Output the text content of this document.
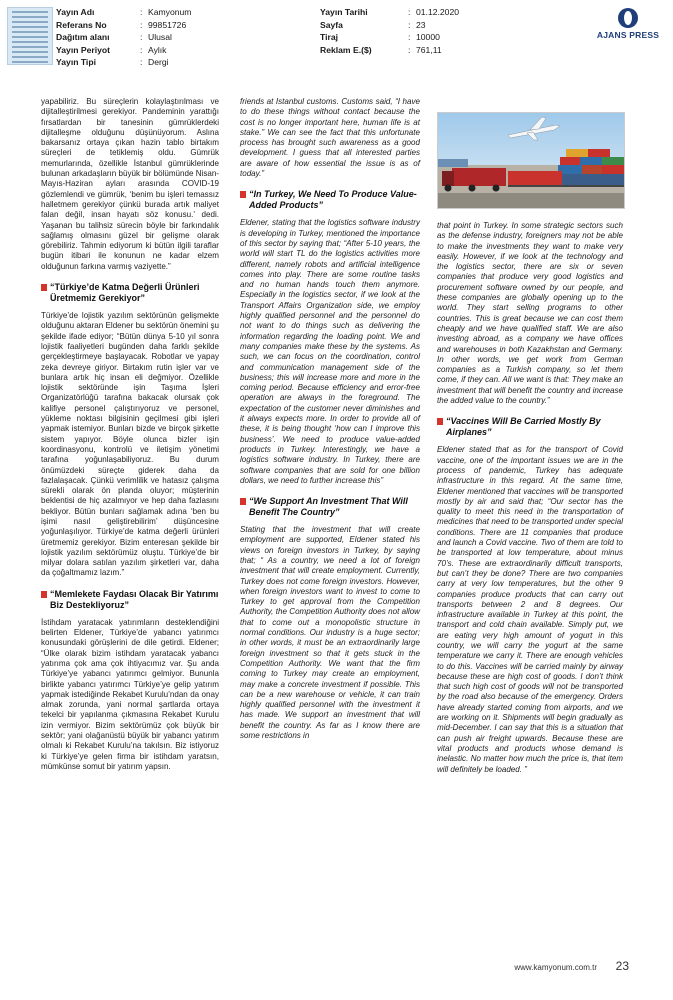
Yayın Adı	: Kamyonum
Referans No	: 99851726
Dağıtım alanı	: Ulusal
Yayın Periyot	: Aylık
Yayın Tipi	: Dergi
Yayın Tarihi	: 01.12.2020
Sayfa	: 23
Tiraj	: 10000
Reklam E.($)	: 761,11
AJANS PRESS

yapabiliriz. Bu süreçlerin kolaylaştırılması ve dijitalleştirilmesi gerekiyor. Pandeminin yarattığı fırsatlardan bir tanesinin gümrüklerdeki dijitalleşme olduğunu düşünüyorum. Aslına bakarsanız ortaya çıkan hazin tablo birtakım süreçleri de tetiklemiş oldu. Gümrük memurlarında, özellikle İstanbul gümrüklerinde bulunan arkadaşların büyük bir bölümünde Nisan-Mayıs-Haziran ayları arasında COVID-19 gözlemlendi ve gümrük, ‘benim bu işleri temassız halletmem gerekiyor çünkü burada artık maliyet falan değil, insan hayatı söz konusu.’ dedi. Yaşanan bu talihsiz sürecin böyle bir farkındalık sağlamış olmasını güzel bir gelişme olarak görebiliriz. Tahmin ediyorum ki bütün ilgili taraflar bugün itibari ile konunun ne kadar elzem olduğunun farkına varmış vaziyette.”

“Türkiye’de Katma Değerli Ürünleri Üretmemiz Gerekiyor”

Türkiye’de lojistik yazılım sektörünün gelişmekte olduğunu aktaran Eldener bu sektörün önemini şu şekilde ifade ediyor; “Bütün dünya 5-10 yıl sonra lojistik faaliyetleri bugünden daha farklı şekilde gerçekleştirmeye başlayacak. Robotlar ve yapay zeka devreye giriyor. Birtakım rutin işler var ve bunlara artık hiç insan eli değmiyor. Özellikle lojistik sektöründe işin Taşıma İşleri Organizatörlüğü tarafına bakacak olursak çok kalifiye personel çalıştırıyoruz ve personel, yükleme noktası bilgisinin geçilmesi gibi işleri yapmak istemiyor. Bunları bizde ve birçok şirkette sistem yapıyor. Böyle olunca bizler işin koordinasyonu, kontrolü ve iletişim yönetimi tarafına yoğunlaşabiliyoruz. Bu durum önümüzdeki süreçte giderek daha da fazlalaşacak. Çünkü verimlilik ve hatasız çalışma sürekli olarak ön planda oluyor; müşterinin beklentisi de hiç azalmıyor ve hep daha fazlasını bekliyor. Bütün bunları sağlamak adına ‘ben bu işimi nasıl geliştirebilirim’ düşüncesine yoğunlaşılıyor. Türkiye’de katma değerli ürünleri üretmemiz gerekiyor. Bizim enteresan şekilde bir lojistik yazılım sektörümüz oluştu. Türkiye’de bir milyar dolara satılan yazılım şirketleri var, daha da çoğaltmamız lazım.”

“Memlekete Faydası Olacak Bir Yatırımı Biz Destekliyoruz”

İstihdam yaratacak yatırımların desteklendiğini belirten Eldener, Türkiye’de yabancı yatırımcı konusundaki görüşlerini de dile getirdi. Eldener; “Ülke olarak bizim istihdam yaratacak yabancı yatırıma çok ama çok ihtiyacımız var. Şu anda Türkiye’ye yabancı yatırımcı gelmiyor. Bununla birlikte yabancı yatırımcı Türkiye’ye gelip yatırım yapmak istediğinde Rekabet Kurulu’ndan da onay almak zorunda, yani normal şartlarda ortaya tekelci bir yapılanma çıkmasına Rekabet Kurulu izin vermiyor. Bizim sektörümüz çok büyük bir sektör; yani olağanüstü büyük bir yabancı yatırım olmalı ki Rekabet Kurulu’na takılsın. Biz istiyoruz ki Türkiye’ye gelen firma bir istihdam yaratsın, mümkünse somut bir yatırım yapsın.

friends at Istanbul customs. Customs said, “I have to do these things without contact because the cost is no longer important here, human life is at stake.” We can see the fact that this unfortunate process has brought such awareness as a good development. I guess that all interested parties are aware of how essential the issue is as of today.”

“In Turkey, We Need To Produce Value-Added Products”

Eldener, stating that the logistics software industry is developing in Turkey, mentioned the importance of this sector by saying that; “After 5-10 years, the world will start TL do the logistics activities more different, namely robots and artificial intelligence comes into play. There are some routine tasks and no human hands touch them anymore. Especially in the logistics sector, if we look at the Transport Affairs Organization side, we employ highly qualified personnel and the personnel do not want to do things such as delivering the information regarding the loading point. We and many companies make these by the systems. As such, we can focus on the coordination, control and communication management side of the business; this will increase more and more in the coming period. Because efficiency and error-free operation are always in the foreground. The expectation of the customer never diminishes and it always expects more. In order to provide all of these, it is being thought ‘how can I improve this business’. We need to produce value-added products in Turkey. Interestingly, we have a logistics software industry. In Turkey, there are software companies that are sold for one billion dollars, we need to further increase this”

“We Support An Investment That Will Benefit The Country”

Stating that the investment that will create employment are supported, Eldener stated his views on foreign investors in Turkey, by saying that; “ As a country, we need a lot of foreign investment that will create employment. Currently, Turkey does not come foreign investors. However, when foreign investors want to invest to come to Turkey to get approval from the Competition Authority, the Competition Authority does not allow that to come out a monopolistic structure in normal conditions. Our industry is a huge sector; in other words, it must be an extraordinarily large foreign investment so that it gets stuck in the Competition Authority. We want that the firm coming to Turkey may create an employment, may make a concrete investment if possible. This can be a new warehouse or vehicle, it can train highly qualified personnel with the investment it has made. We support an investment that will benefit the country. As far as I know there are some restrictions in

that point in Turkey. In some strategic sectors such as the defense industry, foreigners may not be able to make the investments they want to make very easily. However, if we look at the technology and the logistics sector, there are six or seven companies that produce very good logistics and procurement software owned by our people, and these companies are globally opening up to the world. They start selling programs to other countries. This is great because we can cost them cheaply and we have qualified staff. We are also investing abroad, as a company we have offices and warehouses in both Kazakhstan and Germany. In other words, we get work from German companies as a Turkish company, so let them come, if they can. All we want is that: They make an investment that will benefit the country and increase the added value to the country.”

“Vaccines Will Be Carried Mostly By Airplanes”

Eldener stated that as for the transport of Covid vaccine, one of the important issues we are in the process of pandemic, Turkey has adequate infrastructure in this regard. At the same time, Eldener mentioned that vaccines will be transported mostly by air and said that; “Our sector has the quality to meet this need in the transportation of medicines that need to be transported under special conditions. There are 11 companies that produce and launch a Covid vaccine. Two of them are told to be transported at low temperature, about minus 70’s. These are extraordinarily difficult transports, but can’t they be done? There are two companies carry at very low temperatures, but the other 9 companies produce products that can carry out transports between 2 and 8 degrees. Our infrastructure available in Turkey at this point, the transport and cold chain available. Simply put, we are eating very high amount of yogurt in this country, we will carry the yogurt at the same temperature we carry it. There are enough vehicles to do this. Vaccines will be carried mainly by airway because these are high cost of goods. I don’t think that such high cost of goods will not be transported by the road also because of the emergency. Orders have already started coming from airports, and we are working on it. Shipments will begin gradually as mid-December. I can say that this is a situation that can push air freight upwards. Because these are vital products and products whose demand is inelastic. No matter how much the price is, that item will definitely be loaded. ”

www.kamyonum.com.tr 23
